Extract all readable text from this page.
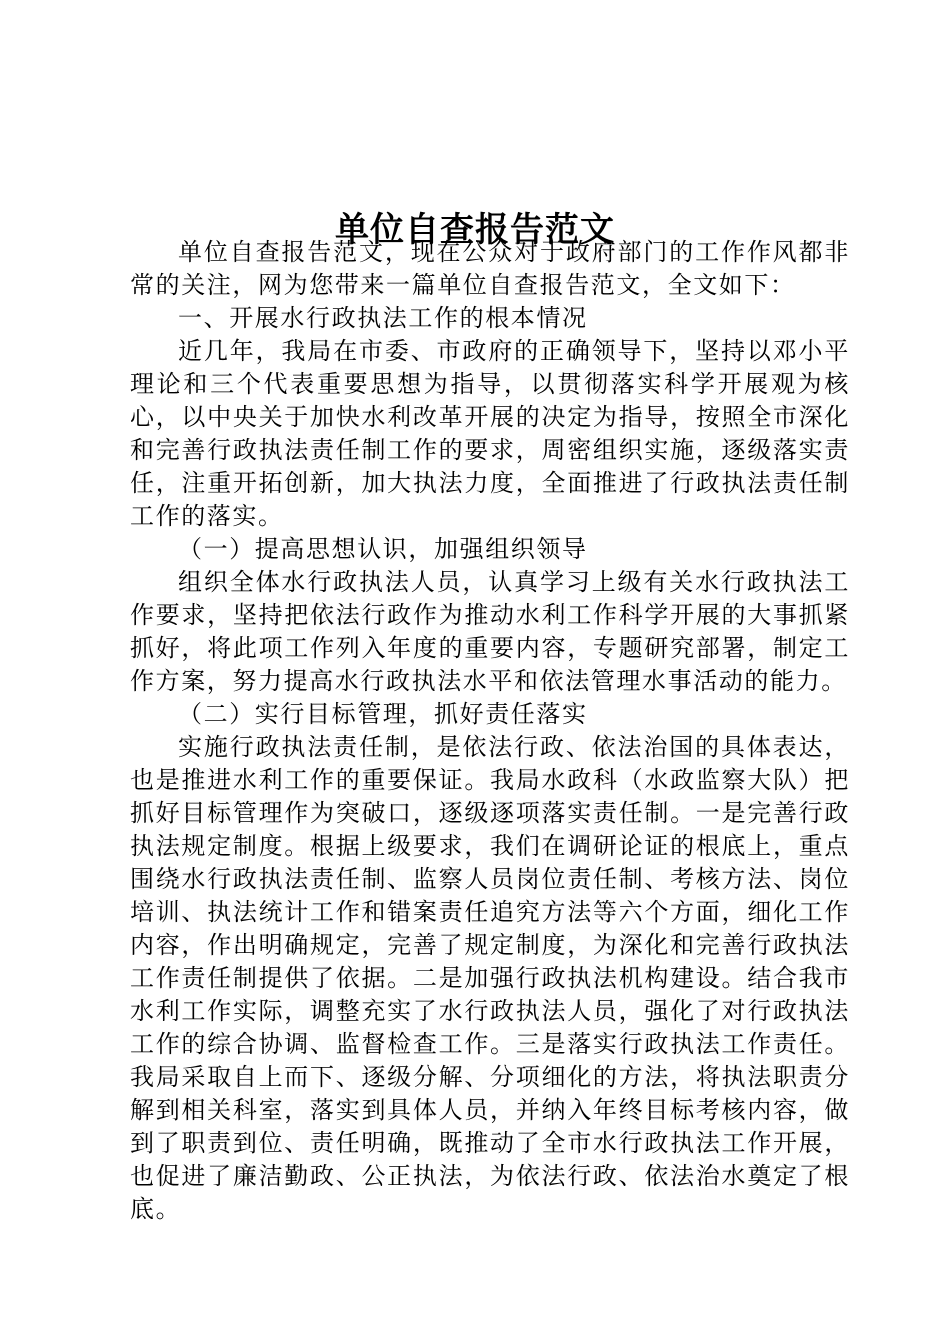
单位自查报告范文

单位自查报告范文，现在公众对于政府部门的工作作风都非常的关注，网为您带来一篇单位自查报告范文，全文如下：

一、开展水行政执法工作的根本情况

近几年，我局在市委、市政府的正确领导下，坚持以邓小平理论和三个代表重要思想为指导，以贯彻落实科学开展观为核心，以中央关于加快水利改革开展的决定为指导，按照全市深化和完善行政执法责任制工作的要求，周密组织实施，逐级落实责任，注重开拓创新，加大执法力度，全面推进了行政执法责任制工作的落实。

（一）提高思想认识，加强组织领导

组织全体水行政执法人员，认真学习上级有关水行政执法工作要求，坚持把依法行政作为推动水利工作科学开展的大事抓紧抓好，将此项工作列入年度的重要内容，专题研究部署，制定工作方案，努力提高水行政执法水平和依法管理水事活动的能力。

（二）实行目标管理，抓好责任落实

实施行政执法责任制，是依法行政、依法治国的具体表达，也是推进水利工作的重要保证。我局水政科（水政监察大队）把抓好目标管理作为突破口，逐级逐项落实责任制。一是完善行政执法规定制度。根据上级要求，我们在调研论证的根底上，重点围绕水行政执法责任制、监察人员岗位责任制、考核方法、岗位培训、执法统计工作和错案责任追究方法等六个方面，细化工作内容，作出明确规定，完善了规定制度，为深化和完善行政执法工作责任制提供了依据。二是加强行政执法机构建设。结合我市水利工作实际，调整充实了水行政执法人员，强化了对行政执法工作的综合协调、监督检查工作。三是落实行政执法工作责任。我局采取自上而下、逐级分解、分项细化的方法，将执法职责分解到相关科室，落实到具体人员，并纳入年终目标考核内容，做到了职责到位、责任明确，既推动了全市水行政执法工作开展，也促进了廉洁勤政、公正执法，为依法行政、依法治水奠定了根底。
